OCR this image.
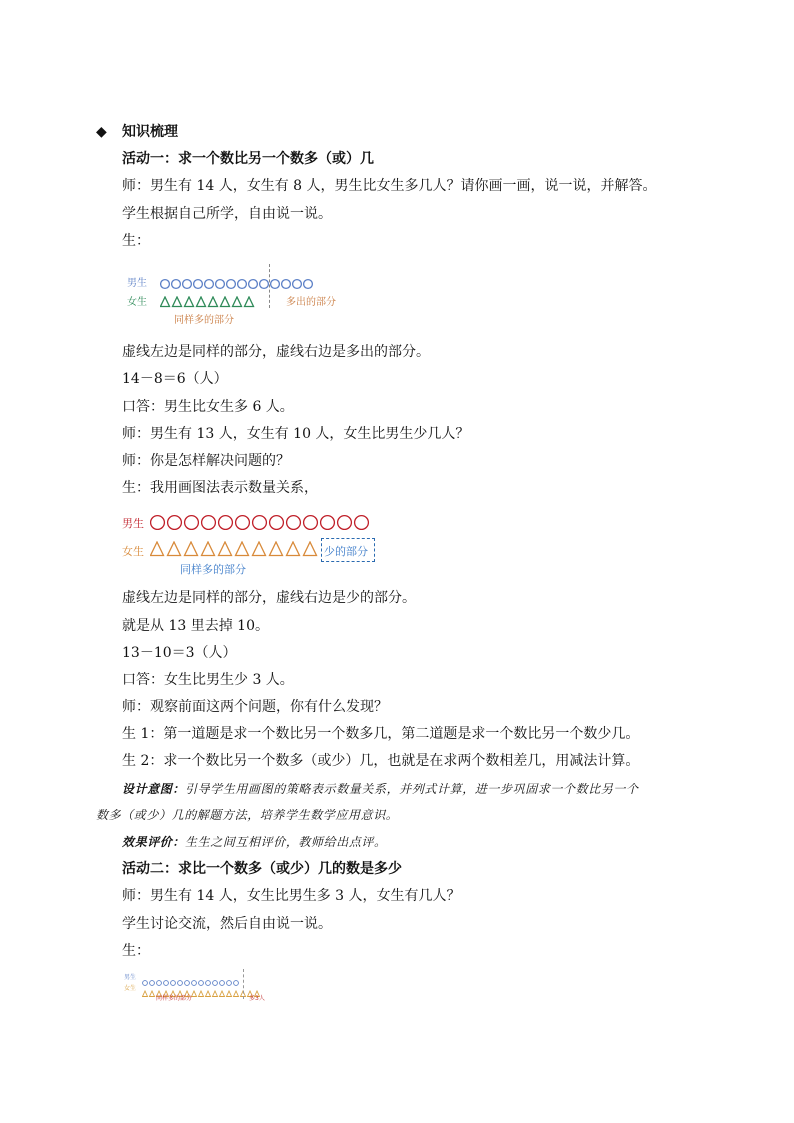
◆ 知识梳理
活动一：求一个数比另一个数多（或）几
师：男生有 14 人，女生有 8 人，男生比女生多几人？请你画一画，说一说，并解答。
学生根据自己所学，自由说一说。
生：
男生
女生	多出的部分
同样多的部分
虚线左边是同样的部分，虚线右边是多出的部分。
14－8＝6（人）
口答：男生比女生多 6 人。
师：男生有 13 人，女生有 10 人，女生比男生少几人？
师：你是怎样解决问题的？
生：我用画图法表示数量关系，
男生
女生	少的部分
同样多的部分
虚线左边是同样的部分，虚线右边是少的部分。
就是从 13 里去掉 10。
13－10＝3（人）
口答：女生比男生少 3 人。
师：观察前面这两个问题，你有什么发现？
生 1：第一道题是求一个数比另一个数多几，第二道题是求一个数比另一个数少几。
生 2：求一个数比另一个数多（或少）几，也就是在求两个数相差几，用减法计算。
设计意图：引导学生用画图的策略表示数量关系，并列式计算，进一步巩固求一个数比另一个
数多（或少）几的解题方法，培养学生数学应用意识。
效果评价：生生之间互相评价，教师给出点评。
活动二：求比一个数多（或少）几的数是多少
师：男生有 14 人，女生比男生多 3 人，女生有几人？
学生讨论交流，然后自由说一说。
生：
男生
女生
同样多的部分	多3人
